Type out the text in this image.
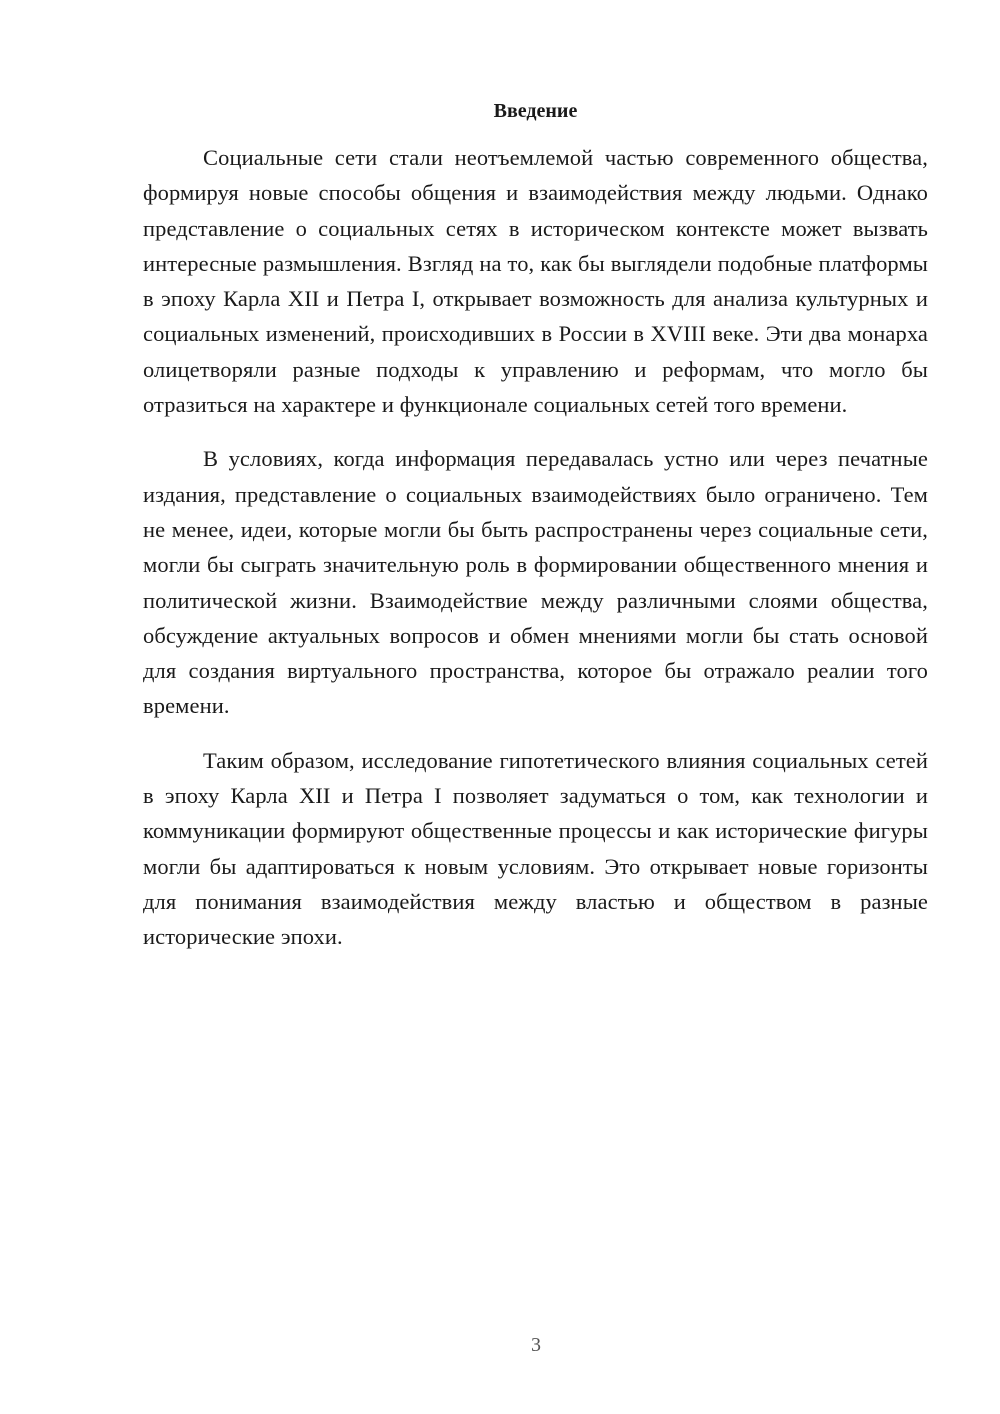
Введение

Социальные сети стали неотъемлемой частью современного общества, формируя новые способы общения и взаимодействия между людьми. Однако представление о социальных сетях в историческом контексте может вызвать интересные размышления. Взгляд на то, как бы выглядели подобные платформы в эпоху Карла XII и Петра I, открывает возможность для анализа культурных и социальных изменений, происходивших в России в XVIII веке. Эти два монарха олицетворяли разные подходы к управлению и реформам, что могло бы отразиться на характере и функционале социальных сетей того времени.

В условиях, когда информация передавалась устно или через печатные издания, представление о социальных взаимодействиях было ограничено. Тем не менее, идеи, которые могли бы быть распространены через социальные сети, могли бы сыграть значительную роль в формировании общественного мнения и политической жизни. Взаимодействие между различными слоями общества, обсуждение актуальных вопросов и обмен мнениями могли бы стать основой для создания виртуального пространства, которое бы отражало реалии того времени.

Таким образом, исследование гипотетического влияния социальных сетей в эпоху Карла XII и Петра I позволяет задуматься о том, как технологии и коммуникации формируют общественные процессы и как исторические фигуры могли бы адаптироваться к новым условиям. Это открывает новые горизонты для понимания взаимодействия между властью и обществом в разные исторические эпохи.

3
